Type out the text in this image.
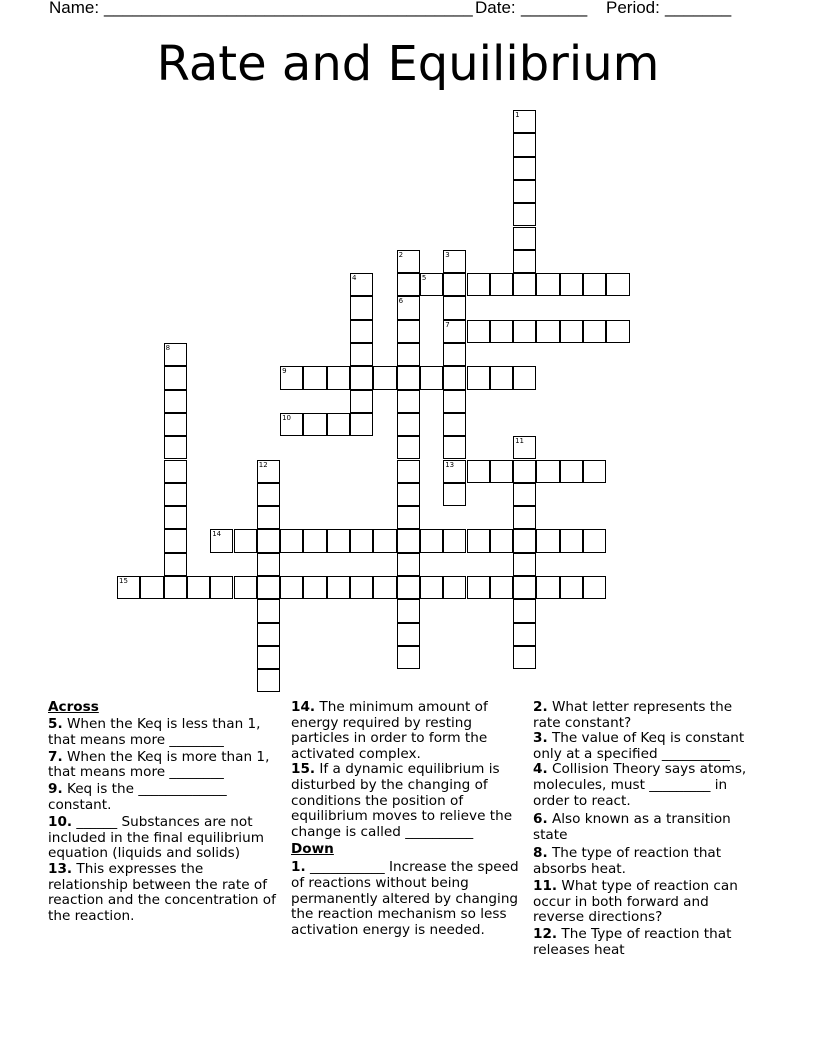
Name: _______________________________________ Date: _______ Period: _______
Rate and Equilibrium
1
2	3
4	5
6
7
8
9
10
11
12	13
14
15

Across

5. When the Keq is less than 1, that means more ________

7. When the Keq is more than 1, that means more ________

9. Keq is the _____________ constant.

10. ______ Substances are not included in the final equilibrium equation (liquids and solids)

13. This expresses the relationship between the rate of reaction and the concentration of the reaction.

14. The minimum amount of energy required by resting particles in order to form the activated complex.

15. If a dynamic equilibrium is disturbed by the changing of conditions the position of equilibrium moves to relieve the change is called __________

Down

1. ___________ Increase the speed of reactions without being permanently altered by changing the reaction mechanism so less activation energy is needed.

2. What letter represents the rate constant?

3. The value of Keq is constant only at a specified __________

4. Collision Theory says atoms, molecules, must _________ in order to react.

6. Also known as a transition state

8. The type of reaction that absorbs heat.

11. What type of reaction can occur in both forward and reverse directions?

12. The Type of reaction that releases heat
